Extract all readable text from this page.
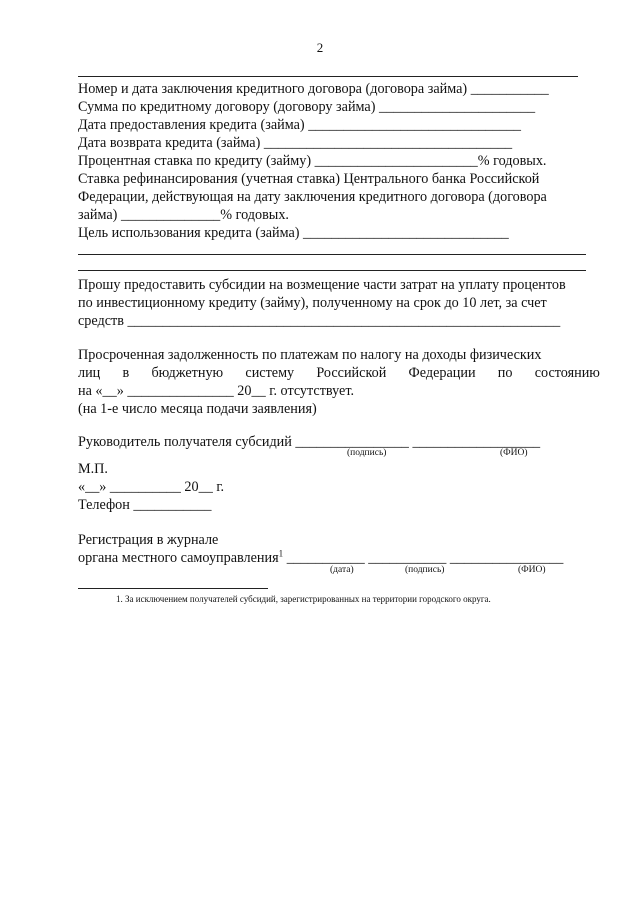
2
Номер и дата заключения кредитного договора (договора займа) ___________
Сумма по кредитному договору (договору займа) ______________________
Дата предоставления кредита (займа) ______________________________
Дата возврата кредита (займа) ___________________________________
Процентная ставка по кредиту (займу) _______________________% годовых.
Ставка рефинансирования (учетная ставка) Центрального банка Российской
Федерации, действующая на дату заключения кредитного договора (договора
займа) ______________% годовых.
Цель использования кредита (займа) _____________________________
Прошу предоставить субсидии на возмещение части затрат на уплату процентов
по инвестиционному кредиту (займу), полученному на срок до 10 лет, за счет
средств _____________________________________________________________
Просроченная задолженность по платежам по налогу на доходы физических
лиц в бюджетную систему Российской Федерации по состоянию
на «__» _______________ 20__ г. отсутствует.
(на 1-е число месяца подачи заявления)
Руководитель получателя субсидий ________________ __________________
(подпись)	(ФИО)
М.П.
«__» __________ 20__ г.
Телефон ___________
Регистрация в журнале
органа местного самоуправления$^1$ ___________ ___________ ________________
(дата)	(подпись)	(ФИО)
1. За исключением получателей субсидий, зарегистрированных на территории городского округа.
